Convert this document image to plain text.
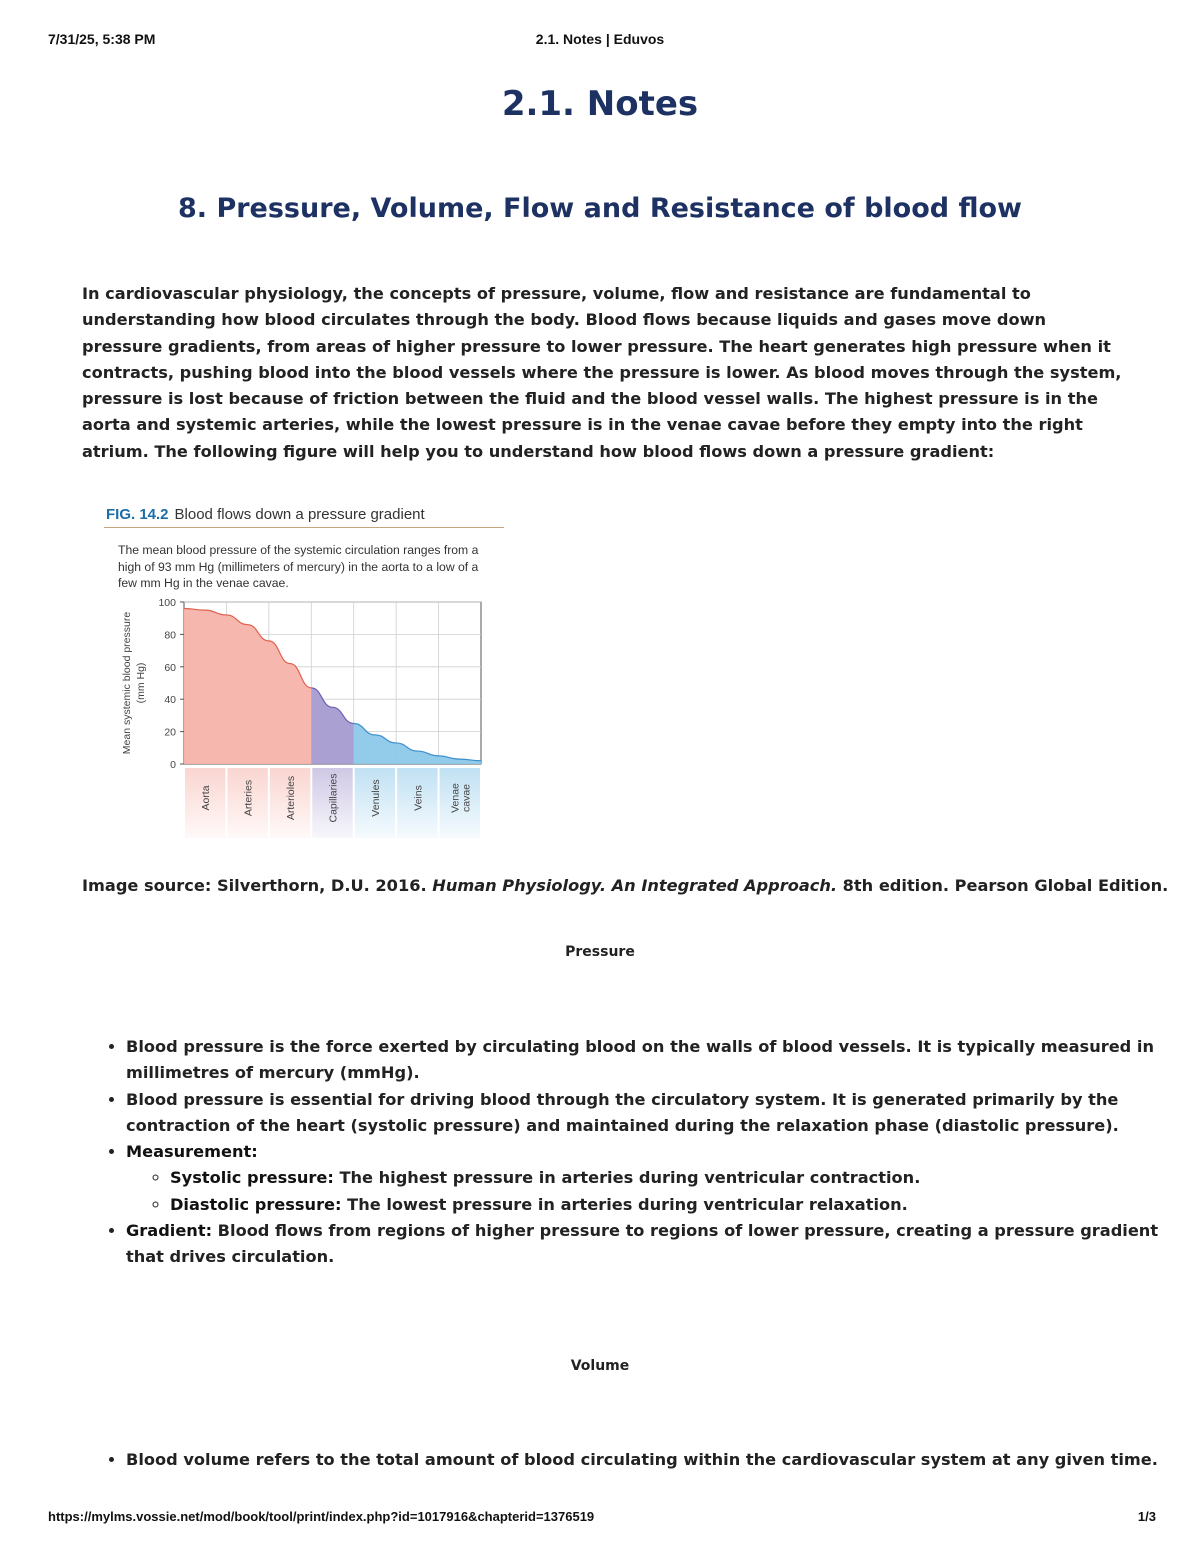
7/31/25, 5:38 PM	2.1. Notes | Eduvos
2.1. Notes
8. Pressure, Volume, Flow and Resistance of blood flow

In cardiovascular physiology, the concepts of pressure, volume, flow and resistance are fundamental to understanding how blood circulates through the body. Blood flows because liquids and gases move down pressure gradients, from areas of higher pressure to lower pressure. The heart generates high pressure when it contracts, pushing blood into the blood vessels where the pressure is lower. As blood moves through the system, pressure is lost because of friction between the fluid and the blood vessel walls. The highest pressure is in the aorta and systemic arteries, while the lowest pressure is in the venae cavae before they empty into the right atrium. The following figure will help you to understand how blood flows down a pressure gradient:

FIG. 14.2 Blood flows down a pressure gradient
The mean blood pressure of the systemic circulation ranges from a high of 93 mm Hg (millimeters of mercury) in the aorta to a low of a few mm Hg in the venae cavae.
0
20
40
60
80
100
Aorta	Arteries	Arterioles	Capillaries	Venules	Veins Venae cavae
Mean systemic blood pressure (mm Hg)

Image source: Silverthorn, D.U. 2016. Human Physiology. An Integrated Approach. 8th edition. Pearson Global Edition.

Pressure

• Blood pressure is the force exerted by circulating blood on the walls of blood vessels. It is typically measured in millimetres of mercury (mmHg).
• Blood pressure is essential for driving blood through the circulatory system. It is generated primarily by the contraction of the heart (systolic pressure) and maintained during the relaxation phase (diastolic pressure).
• Measurement:
◦ Systolic pressure: The highest pressure in arteries during ventricular contraction.
◦ Diastolic pressure: The lowest pressure in arteries during ventricular relaxation.
• Gradient: Blood flows from regions of higher pressure to regions of lower pressure, creating a pressure gradient that drives circulation.

Volume

• Blood volume refers to the total amount of blood circulating within the cardiovascular system at any given time.
https://mylms.vossie.net/mod/book/tool/print/index.php?id=1017916&chapterid=1376519	1/3
